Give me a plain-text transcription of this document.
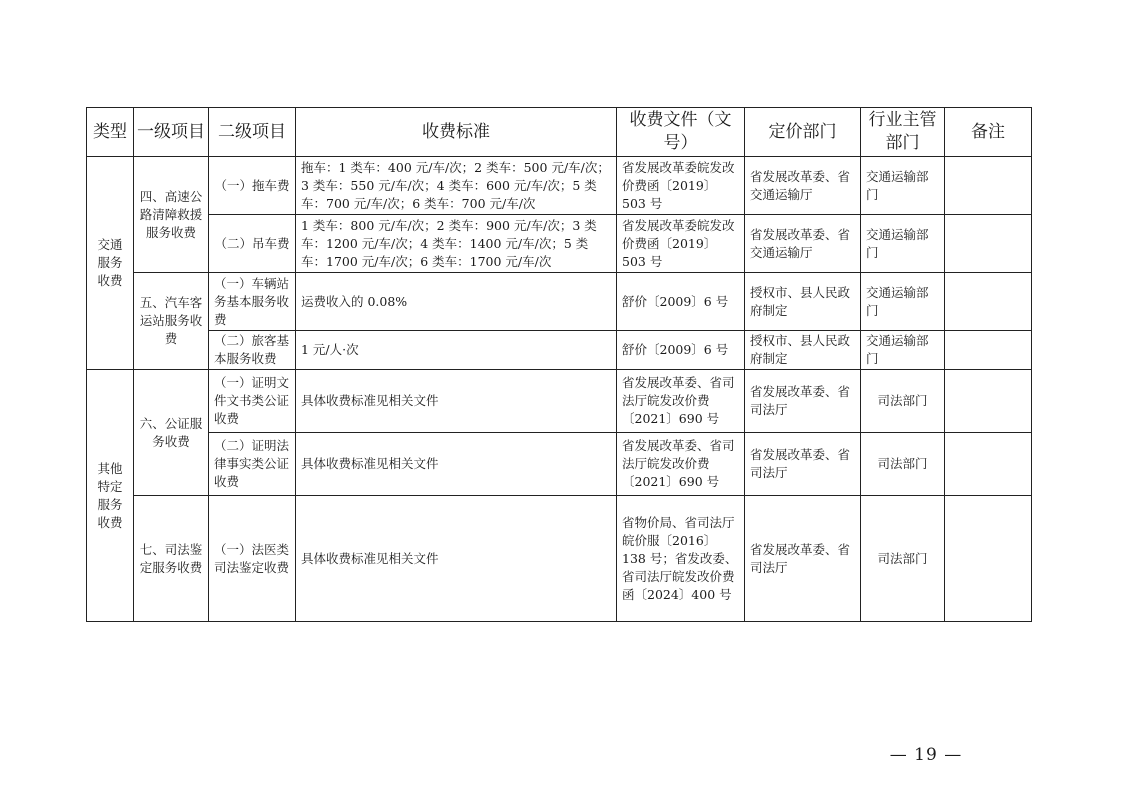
类型	一级项目	二级项目	收费标准	收费文件（文号）	定价部门	行业主管部门	备注
交通服务收费	四、高速公路清障救援服务收费	（一）拖车费	拖车：1 类车：400 元/车/次；2 类车：500 元/车/次；3 类车：550 元/车/次；4 类车：600 元/车/次；5 类车：700 元/车/次；6 类车：700 元/车/次	省发展改革委皖发改价费函〔2019〕503 号	省发展改革委、省交通运输厅	交通运输部门	
		（二）吊车费	1 类车：800 元/车/次；2 类车：900 元/车/次；3 类车：1200 元/车/次；4 类车：1400 元/车/次；5 类车：1700 元/车/次；6 类车：1700 元/车/次	省发展改革委皖发改价费函〔2019〕503 号	省发展改革委、省交通运输厅	交通运输部门	
	五、汽车客运站服务收费	（一）车辆站务基本服务收费	运费收入的 0.08%	舒价〔2009〕6 号	授权市、县人民政府制定	交通运输部门	
		（二）旅客基本服务收费	1 元/人·次	舒价〔2009〕6 号	授权市、县人民政府制定	交通运输部门	
其他特定服务收费	六、公证服务收费	（一）证明文件文书类公证收费	具体收费标准见相关文件	省发展改革委、省司法厅皖发改价费〔2021〕690 号	省发展改革委、省司法厅	司法部门	
		（二）证明法律事实类公证收费	具体收费标准见相关文件	省发展改革委、省司法厅皖发改价费〔2021〕690 号	省发展改革委、省司法厅	司法部门	
	七、司法鉴定服务收费	（一）法医类司法鉴定收费	具体收费标准见相关文件	省物价局、省司法厅皖价服〔2016〕138 号；省发改委、省司法厅皖发改价费函〔2024〕400 号	省发展改革委、省司法厅	司法部门	
— 19 —
